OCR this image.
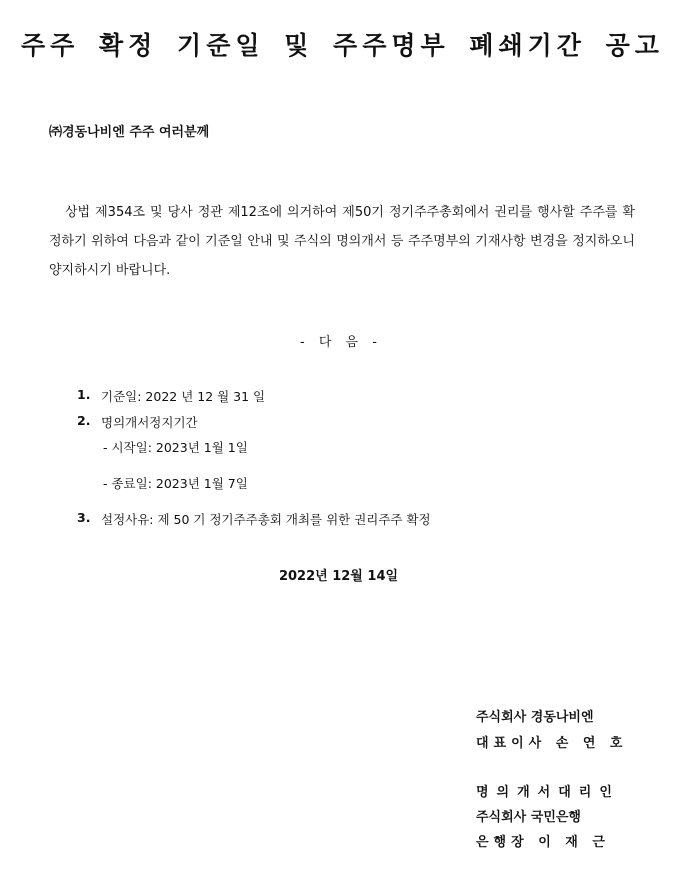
주주 확정 기준일 및 주주명부 폐쇄기간 공고
㈜경동나비엔 주주 여러분께
상법 제354조 및 당사 정관 제12조에 의거하여 제50기 정기주주총회에서 권리를 행사할 주주를 확정하기 위하여 다음과 같이 기준일 안내 및 주식의 명의개서 등 주주명부의 기재사항 변경을 정지하오니 양지하시기 바랍니다.
- 다 음 -
1. 기준일: 2022 년 12 월 31 일
2. 명의개서정지기간
- 시작일: 2023년 1월 1일
- 종료일: 2023년 1월 7일
3. 설정사유: 제 50 기 정기주주총회 개최를 위한 권리주주 확정
2022년 12월 14일
주식회사 경동나비엔
대표이사 손 연 호
명의개서대리인
주식회사 국민은행
은행장 이 재 근
